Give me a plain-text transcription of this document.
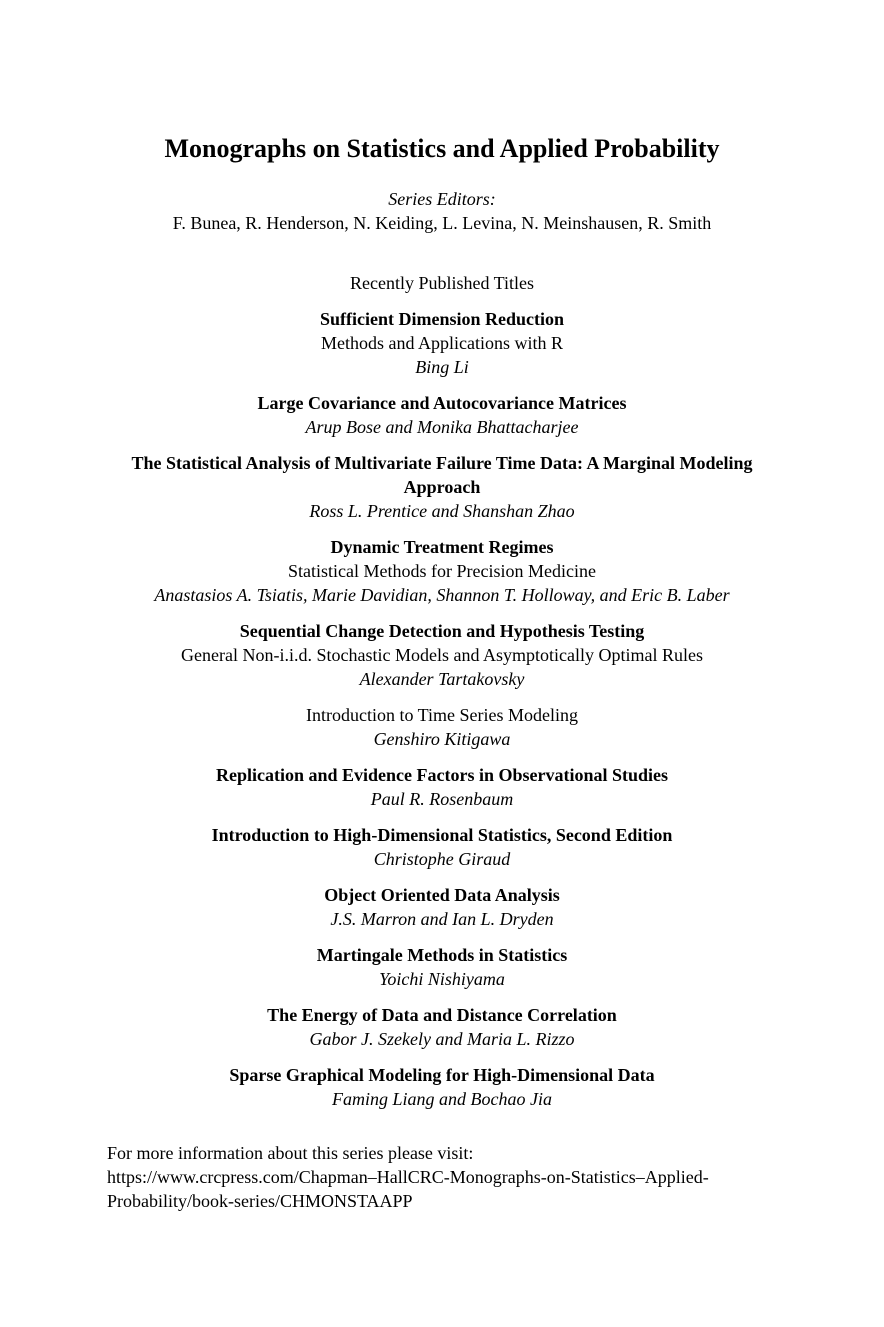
Monographs on Statistics and Applied Probability
Series Editors:
F. Bunea, R. Henderson, N. Keiding, L. Levina, N. Meinshausen, R. Smith
Recently Published Titles
Sufficient Dimension Reduction
Methods and Applications with R
Bing Li
Large Covariance and Autocovariance Matrices
Arup Bose and Monika Bhattacharjee
The Statistical Analysis of Multivariate Failure Time Data: A Marginal Modeling Approach
Ross L. Prentice and Shanshan Zhao
Dynamic Treatment Regimes
Statistical Methods for Precision Medicine
Anastasios A. Tsiatis, Marie Davidian, Shannon T. Holloway, and Eric B. Laber
Sequential Change Detection and Hypothesis Testing
General Non-i.i.d. Stochastic Models and Asymptotically Optimal Rules
Alexander Tartakovsky
Introduction to Time Series Modeling
Genshiro Kitigawa
Replication and Evidence Factors in Observational Studies
Paul R. Rosenbaum
Introduction to High-Dimensional Statistics, Second Edition
Christophe Giraud
Object Oriented Data Analysis
J.S. Marron and Ian L. Dryden
Martingale Methods in Statistics
Yoichi Nishiyama
The Energy of Data and Distance Correlation
Gabor J. Szekely and Maria L. Rizzo
Sparse Graphical Modeling for High-Dimensional Data
Faming Liang and Bochao Jia
For more information about this series please visit:
https://www.crcpress.com/Chapman–HallCRC-Monographs-on-Statistics–Applied-
Probability/book-series/CHMONSTAAPP
